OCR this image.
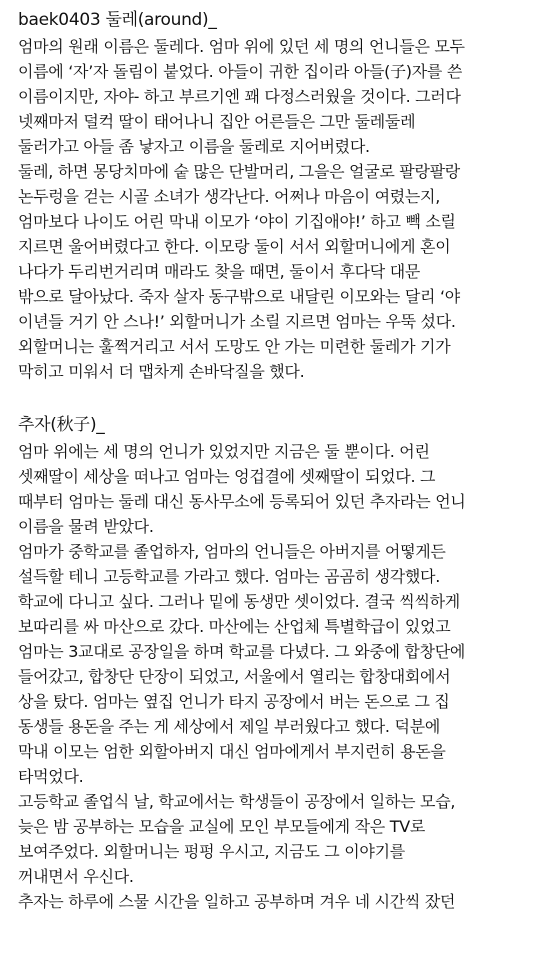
baek0403 둘레(around)_
엄마의 원래 이름은 둘레다. 엄마 위에 있던 세 명의 언니들은 모두
이름에 ‘자’자 돌림이 붙었다. 아들이 귀한 집이라 아들(子)자를 쓴
이름이지만, 자야- 하고 부르기엔 꽤 다정스러웠을 것이다. 그러다
넷째마저 덜컥 딸이 태어나니 집안 어른들은 그만 둘레둘레
둘러가고 아들 좀 낳자고 이름을 둘레로 지어버렸다.
둘레, 하면 몽당치마에 숱 많은 단발머리, 그을은 얼굴로 팔랑팔랑
논두렁을 걷는 시골 소녀가 생각난다. 어쩌나 마음이 여렸는지,
엄마보다 나이도 어린 막내 이모가 ‘야이 기집애야!’ 하고 빽 소릴
지르면 울어버렸다고 한다. 이모랑 둘이 서서 외할머니에게 혼이
나다가 두리번거리며 매라도 찾을 때면, 둘이서 후다닥 대문
밖으로 달아났다. 죽자 살자 동구밖으로 내달린 이모와는 달리 ‘야
이년들 거기 안 스나!’ 외할머니가 소릴 지르면 엄마는 우뚝 섰다.
외할머니는 훌쩍거리고 서서 도망도 안 가는 미련한 둘레가 기가
막히고 미워서 더 맵차게 손바닥질을 했다.
추자(秋子)_
엄마 위에는 세 명의 언니가 있었지만 지금은 둘 뿐이다. 어린
셋째딸이 세상을 떠나고 엄마는 엉겁결에 셋째딸이 되었다. 그
때부터 엄마는 둘레 대신 동사무소에 등록되어 있던 추자라는 언니
이름을 물려 받았다.
엄마가 중학교를 졸업하자, 엄마의 언니들은 아버지를 어떻게든
설득할 테니 고등학교를 가라고 했다. 엄마는 곰곰히 생각했다.
학교에 다니고 싶다. 그러나 밑에 동생만 셋이었다. 결국 씩씩하게
보따리를 싸 마산으로 갔다. 마산에는 산업체 특별학급이 있었고
엄마는 3교대로 공장일을 하며 학교를 다녔다. 그 와중에 합창단에
들어갔고, 합창단 단장이 되었고, 서울에서 열리는 합창대회에서
상을 탔다. 엄마는 옆집 언니가 타지 공장에서 버는 돈으로 그 집
동생들 용돈을 주는 게 세상에서 제일 부러웠다고 했다. 덕분에
막내 이모는 엄한 외할아버지 대신 엄마에게서 부지런히 용돈을
타먹었다.
고등학교 졸업식 날, 학교에서는 학생들이 공장에서 일하는 모습,
늦은 밤 공부하는 모습을 교실에 모인 부모들에게 작은 TV로
보여주었다. 외할머니는 펑펑 우시고, 지금도 그 이야기를
꺼내면서 우신다.
추자는 하루에 스물 시간을 일하고 공부하며 겨우 네 시간씩 잤던
